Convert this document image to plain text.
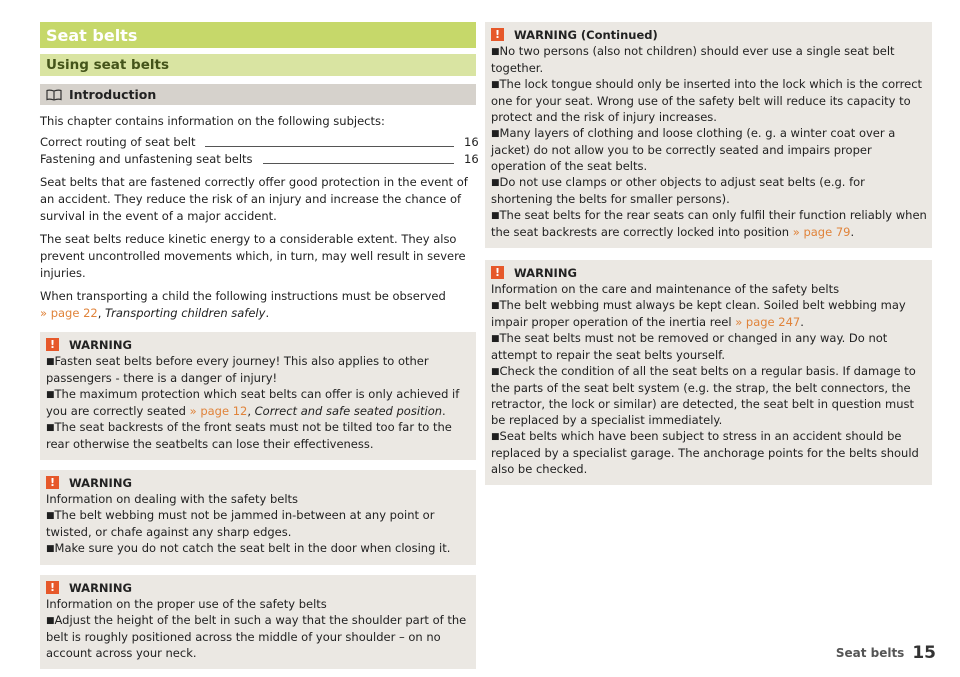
Seat belts
Using seat belts
Introduction

This chapter contains information on the following subjects:

Correct routing of seat belt	16
Fastening and unfastening seat belts	16

Seat belts that are fastened correctly offer good protection in the event of an accident. They reduce the risk of an injury and increase the chance of survival in the event of a major accident.

The seat belts reduce kinetic energy to a considerable extent. They also prevent uncontrolled movements which, in turn, may well result in severe injuries.

When transporting a child the following instructions must be observed
» page 22, Transporting children safely.

!	WARNING

■Fasten seat belts before every journey! This also applies to other passengers - there is a danger of injury!

■The maximum protection which seat belts can offer is only achieved if you are correctly seated » page 12, Correct and safe seated position.

■The seat backrests of the front seats must not be tilted too far to the rear otherwise the seatbelts can lose their effectiveness.

!	WARNING

Information on dealing with the safety belts

■The belt webbing must not be jammed in-between at any point or twisted, or chafe against any sharp edges.

■Make sure you do not catch the seat belt in the door when closing it.

!	WARNING

Information on the proper use of the safety belts

■Adjust the height of the belt in such a way that the shoulder part of the belt is roughly positioned across the middle of your shoulder – on no account across your neck.

!	WARNING (Continued)

■No two persons (also not children) should ever use a single seat belt together.

■The lock tongue should only be inserted into the lock which is the correct one for your seat. Wrong use of the safety belt will reduce its capacity to protect and the risk of injury increases.

■Many layers of clothing and loose clothing (e. g. a winter coat over a jacket) do not allow you to be correctly seated and impairs proper operation of the seat belts.

■Do not use clamps or other objects to adjust seat belts (e.g. for shortening the belts for smaller persons).

■The seat belts for the rear seats can only fulfil their function reliably when the seat backrests are correctly locked into position » page 79.

!	WARNING

Information on the care and maintenance of the safety belts

■The belt webbing must always be kept clean. Soiled belt webbing may impair proper operation of the inertia reel » page 247.

■The seat belts must not be removed or changed in any way. Do not attempt to repair the seat belts yourself.

■Check the condition of all the seat belts on a regular basis. If damage to the parts of the seat belt system (e.g. the strap, the belt connectors, the retractor, the lock or similar) are detected, the seat belt in question must be replaced by a specialist immediately.

■Seat belts which have been subject to stress in an accident should be replaced by a specialist garage. The anchorage points for the belts should also be checked.

Seat belts 15
